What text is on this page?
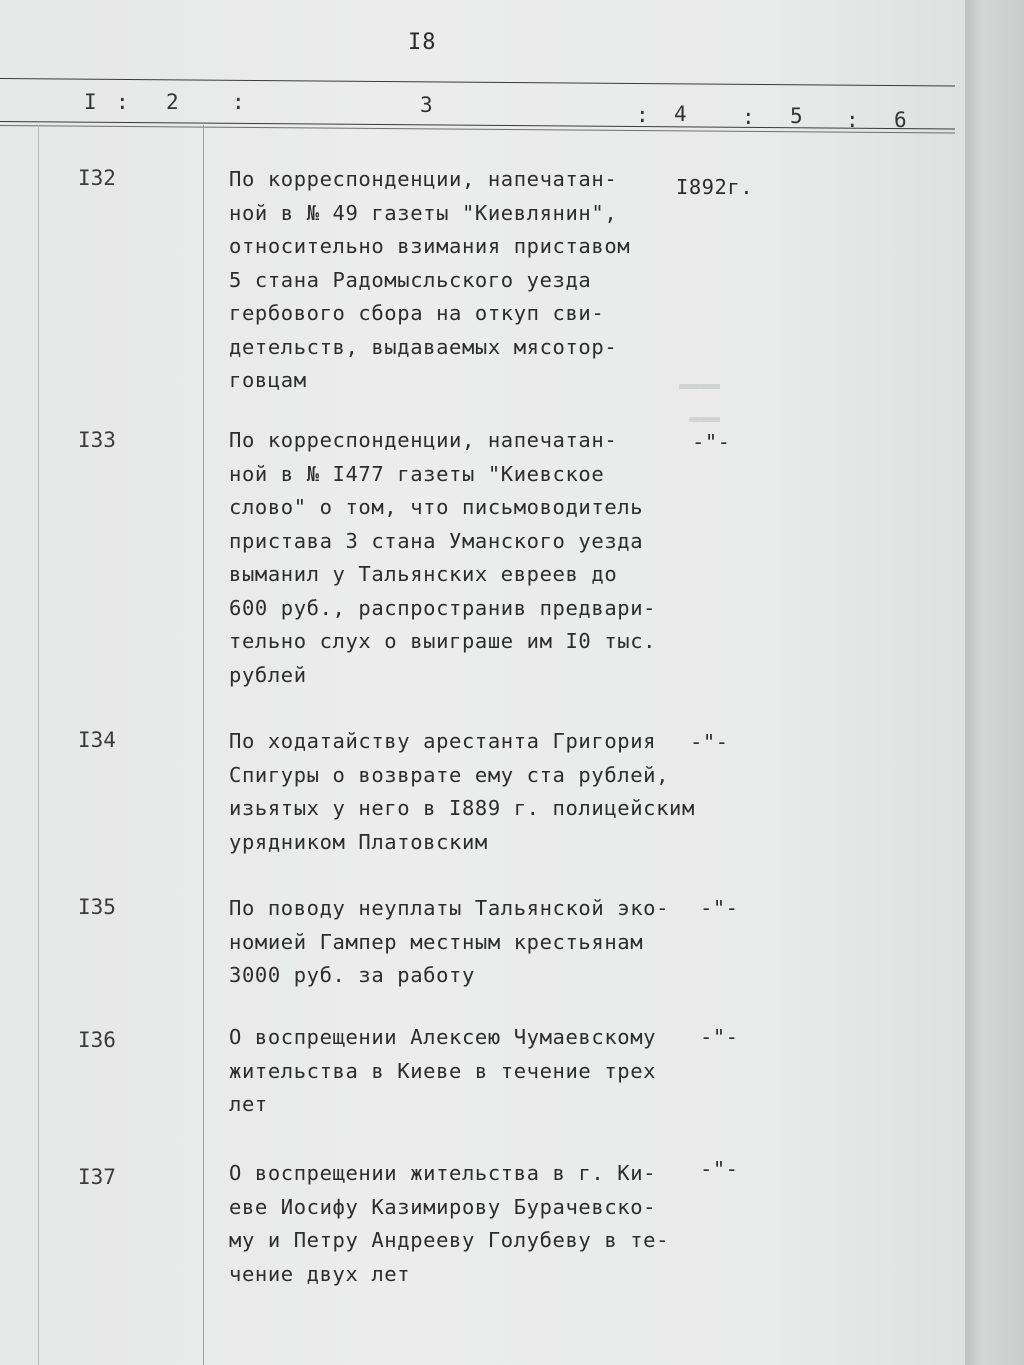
I8
I : 2	:	3	: 4	: 5 : 6
▬▬▬▬
▬▬▬
I32	По корреспонденции, напечатан-
ной в № 49 газеты "Киевлянин",
относительно взимания приставом
5 стана Радомысльского уезда
гербового сбора на откуп сви-
детельств, выдаваемых мясотор-
говцам
I892г.
I33	По корреспонденции, напечатан-
ной в № I477 газеты "Киевское
слово" о том, что письмоводитель
пристава 3 стана Уманского уезда
выманил у Тальянских евреев до
600 руб., распространив предвари-
тельно слух о выиграше им I0 тыс.
рублей
-"-
I34	По ходатайству арестанта Григория
Спигуры о возврате ему ста рублей,
изьятых у него в I889 г. полицейским
урядником Платовским
-"-
I35	По поводу неуплаты Тальянской эко-
номией Гампер местным крестьянам
3000 руб. за работу
-"-
I36	О воспрещении Алексею Чумаевскому
жительства в Киеве в течение трех
лет
-"-
I37	О воспрещении жительства в г. Ки-
еве Иосифу Казимирову Бурачевско-
му и Петру Андрееву Голубеву в те-
чение двух лет
-"-
